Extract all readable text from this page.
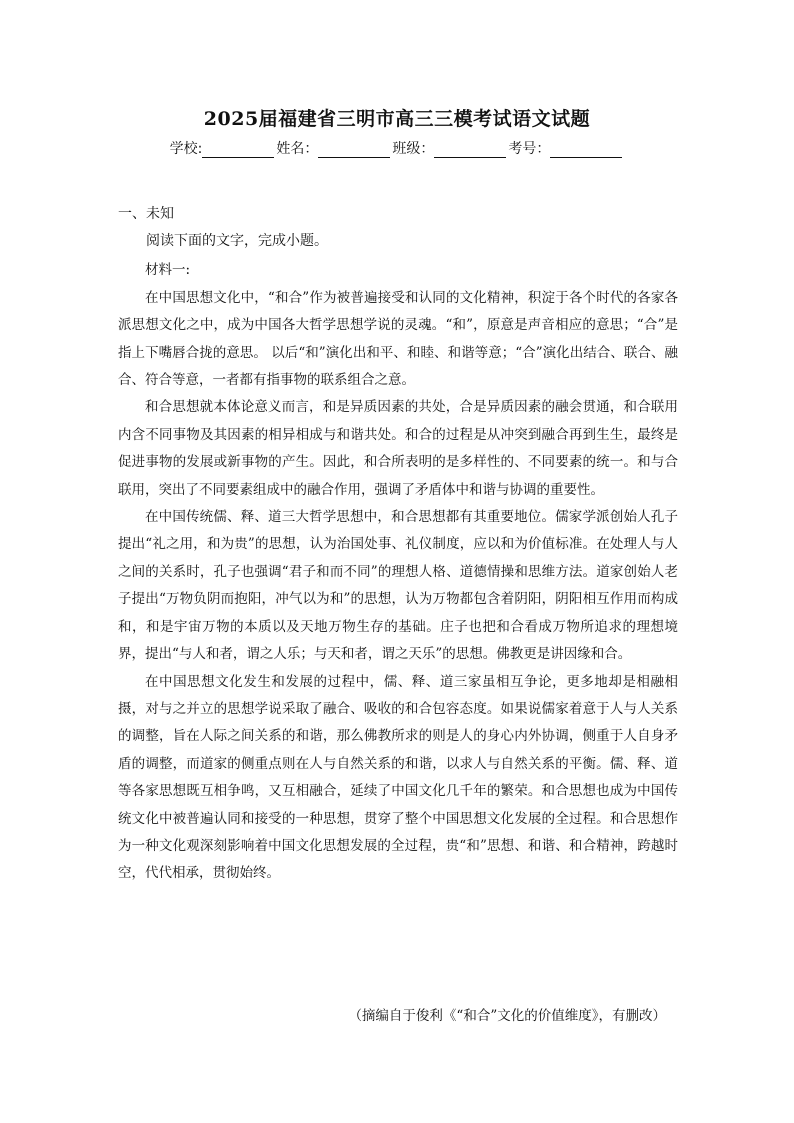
2025届福建省三明市高三三模考试语文试题
学校:	姓名：	班级：	考号：
一、未知

阅读下面的文字，完成小题。

材料一:

在中国思想文化中，“和合”作为被普遍接受和认同的文化精神，积淀于各个时代的各家各派思想文化之中，成为中国各大哲学思想学说的灵魂。“和”，原意是声音相应的意思；“合”是指上下嘴唇合拢的意思。 以后“和”演化出和平、和睦、和谐等意；“合”演化出结合、联合、融合、符合等意，一者都有指事物的联系组合之意。

和合思想就本体论意义而言，和是异质因素的共处，合是异质因素的融会贯通，和合联用内含不同事物及其因素的相异相成与和谐共处。和合的过程是从冲突到融合再到生生，最终是促进事物的发展或新事物的产生。因此，和合所表明的是多样性的、不同要素的统一。和与合联用，突出了不同要素组成中的融合作用，强调了矛盾体中和谐与协调的重要性。

在中国传统儒、释、道三大哲学思想中，和合思想都有其重要地位。儒家学派创始人孔子提出“礼之用，和为贵”的思想，认为治国处事、礼仪制度，应以和为价值标准。在处理人与人之间的关系时，孔子也强调“君子和而不同”的理想人格、道德情操和思维方法。道家创始人老子提出“万物负阴而抱阳，冲气以为和”的思想，认为万物都包含着阴阳，阴阳相互作用而构成和，和是宇宙万物的本质以及天地万物生存的基础。庄子也把和合看成万物所追求的理想境界，提出“与人和者，谓之人乐；与天和者，谓之天乐”的思想。佛教更是讲因缘和合。

在中国思想文化发生和发展的过程中，儒、释、道三家虽相互争论，更多地却是相融相摄，对与之并立的思想学说采取了融合、吸收的和合包容态度。如果说儒家着意于人与人关系的调整，旨在人际之间关系的和谐，那么佛教所求的则是人的身心内外协调，侧重于人自身矛盾的调整，而道家的侧重点则在人与自然关系的和谐，以求人与自然关系的平衡。儒、释、道等各家思想既互相争鸣，又互相融合，延续了中国文化几千年的繁荣。和合思想也成为中国传统文化中被普遍认同和接受的一种思想，贯穿了整个中国思想文化发展的全过程。和合思想作为一种文化观深刻影响着中国文化思想发展的全过程，贵“和”思想、和谐、和合精神，跨越时空，代代相承，贯彻始终。

（摘编自于俊利《“和合”文化的价值维度》，有删改）
